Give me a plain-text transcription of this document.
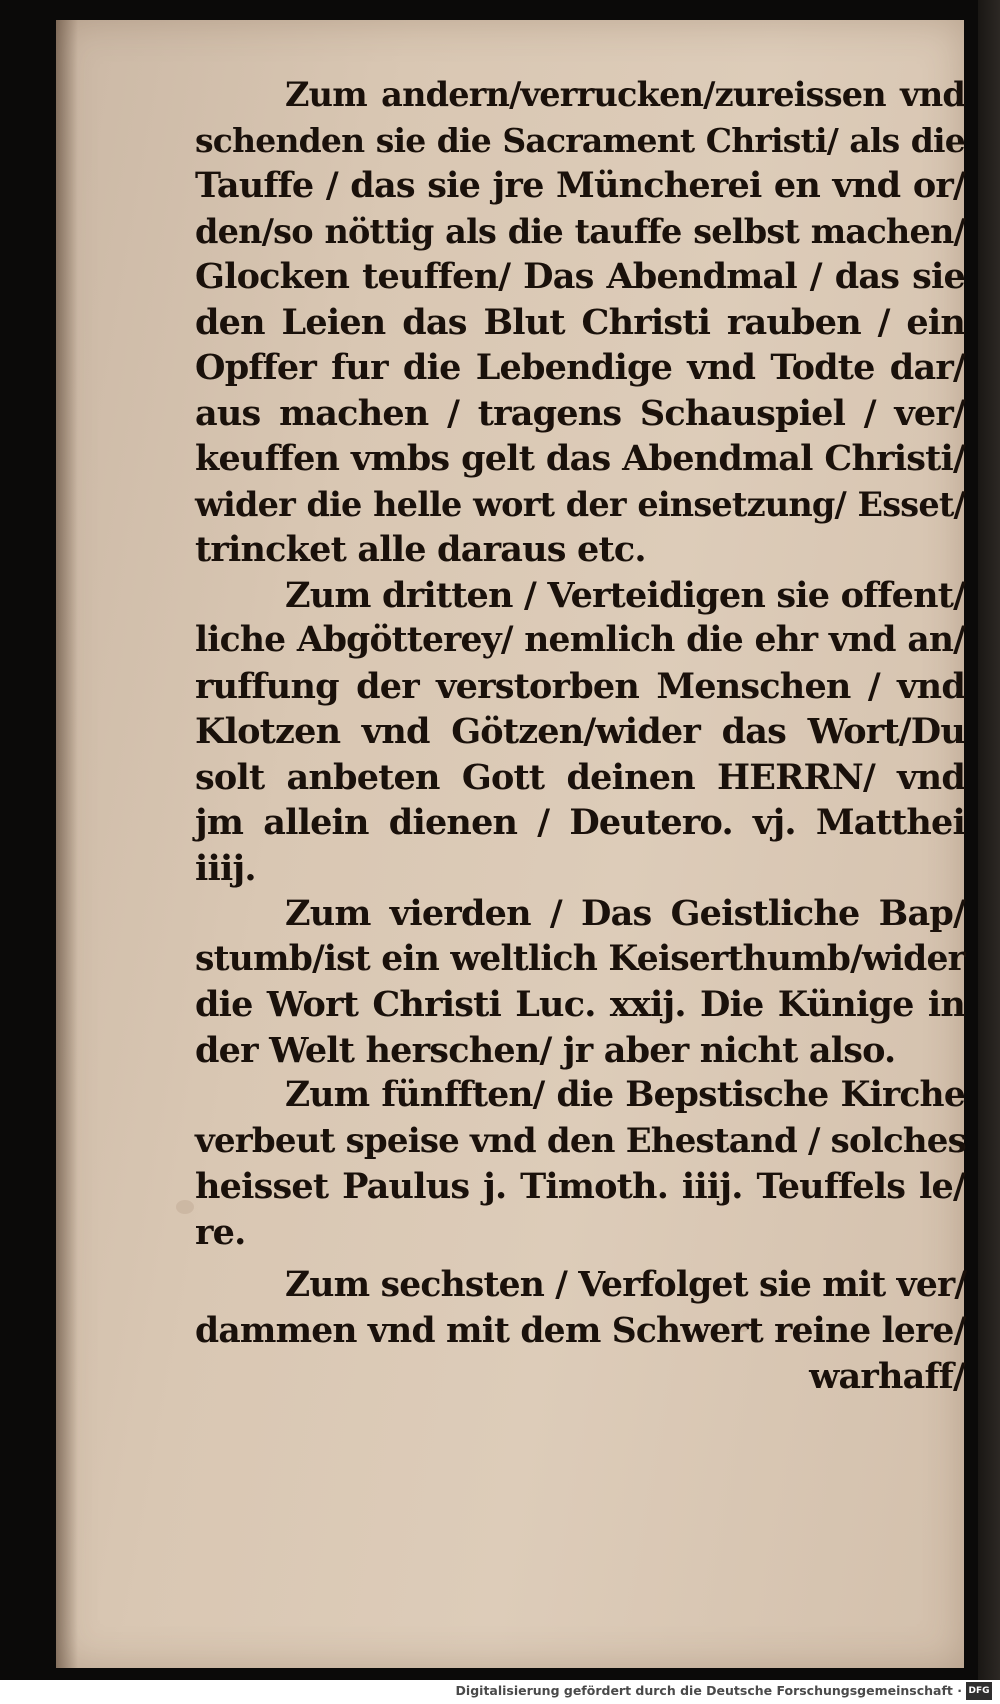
Zum andern/verrucken/zureissen vnd
schenden sie die Sacrament Christi/ als die
Tauffe / das sie jre Müncherei en vnd or/
den/so nöttig als die tauffe selbst machen/
Glocken teuffen/ Das Abendmal / das sie
den Leien das Blut Christi rauben / ein
Opffer fur die Lebendige vnd Todte dar/
aus machen / tragens Schauspiel / ver/
keuffen vmbs gelt das Abendmal Christi/
wider die helle wort der einsetzung/ Esset/
trincket alle daraus etc.
Zum dritten / Verteidigen sie offent/
liche Abgötterey/ nemlich die ehr vnd an/
ruffung der verstorben Menschen / vnd
Klotzen vnd Götzen/wider das Wort/Du
solt anbeten Gott deinen HERRN/ vnd
jm allein dienen / Deutero. vj. Matthei
iiij.
Zum vierden / Das Geistliche Bap/
stumb/ist ein weltlich Keiserthumb/wider
die Wort Christi Luc. xxij. Die Künige in
der Welt herschen/ jr aber nicht also.
Zum fünfften/ die Bepstische Kirche
verbeut speise vnd den Ehestand / solches
heisset Paulus j. Timoth. iiij. Teuffels le/
re.
Zum sechsten / Verfolget sie mit ver/
dammen vnd mit dem Schwert reine lere/
warhaff/
Digitalisierung gefördert durch die Deutsche Forschungsgemeinschaft · DFG
